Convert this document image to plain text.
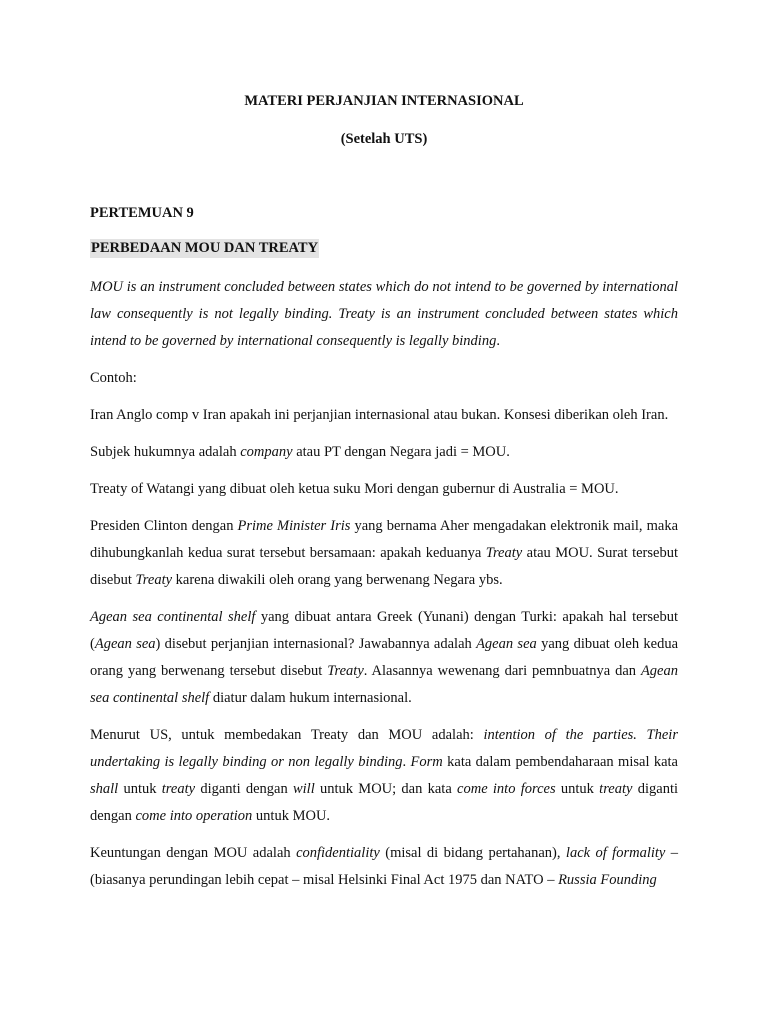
MATERI PERJANJIAN INTERNASIONAL

(Setelah UTS)

PERTEMUAN 9

PERBEDAAN MOU DAN TREATY

MOU is an instrument concluded between states which do not intend to be governed by international law consequently is not legally binding. Treaty is an instrument concluded between states which intend to be governed by international consequently is legally binding.

Contoh:

Iran Anglo comp v Iran apakah ini perjanjian internasional atau bukan. Konsesi diberikan oleh Iran.

Subjek hukumnya adalah company atau PT dengan Negara jadi = MOU.

Treaty of Watangi yang dibuat oleh ketua suku Mori dengan gubernur di Australia = MOU.

Presiden Clinton dengan Prime Minister Iris yang bernama Aher mengadakan elektronik mail, maka dihubungkanlah kedua surat tersebut bersamaan: apakah keduanya Treaty atau MOU. Surat tersebut disebut Treaty karena diwakili oleh orang yang berwenang Negara ybs.

Agean sea continental shelf yang dibuat antara Greek (Yunani) dengan Turki: apakah hal tersebut (Agean sea) disebut perjanjian internasional? Jawabannya adalah Agean sea yang dibuat oleh kedua orang yang berwenang tersebut disebut Treaty. Alasannya wewenang dari pemnbuatnya dan Agean sea continental shelf diatur dalam hukum internasional.

Menurut US, untuk membedakan Treaty dan MOU adalah: intention of the parties. Their undertaking is legally binding or non legally binding. Form kata dalam pembendaharaan misal kata shall untuk treaty diganti dengan will untuk MOU; dan kata come into forces untuk treaty diganti dengan come into operation untuk MOU.

Keuntungan dengan MOU adalah confidentiality (misal di bidang pertahanan), lack of formality – (biasanya perundingan lebih cepat – misal Helsinki Final Act 1975 dan NATO – Russia Founding
